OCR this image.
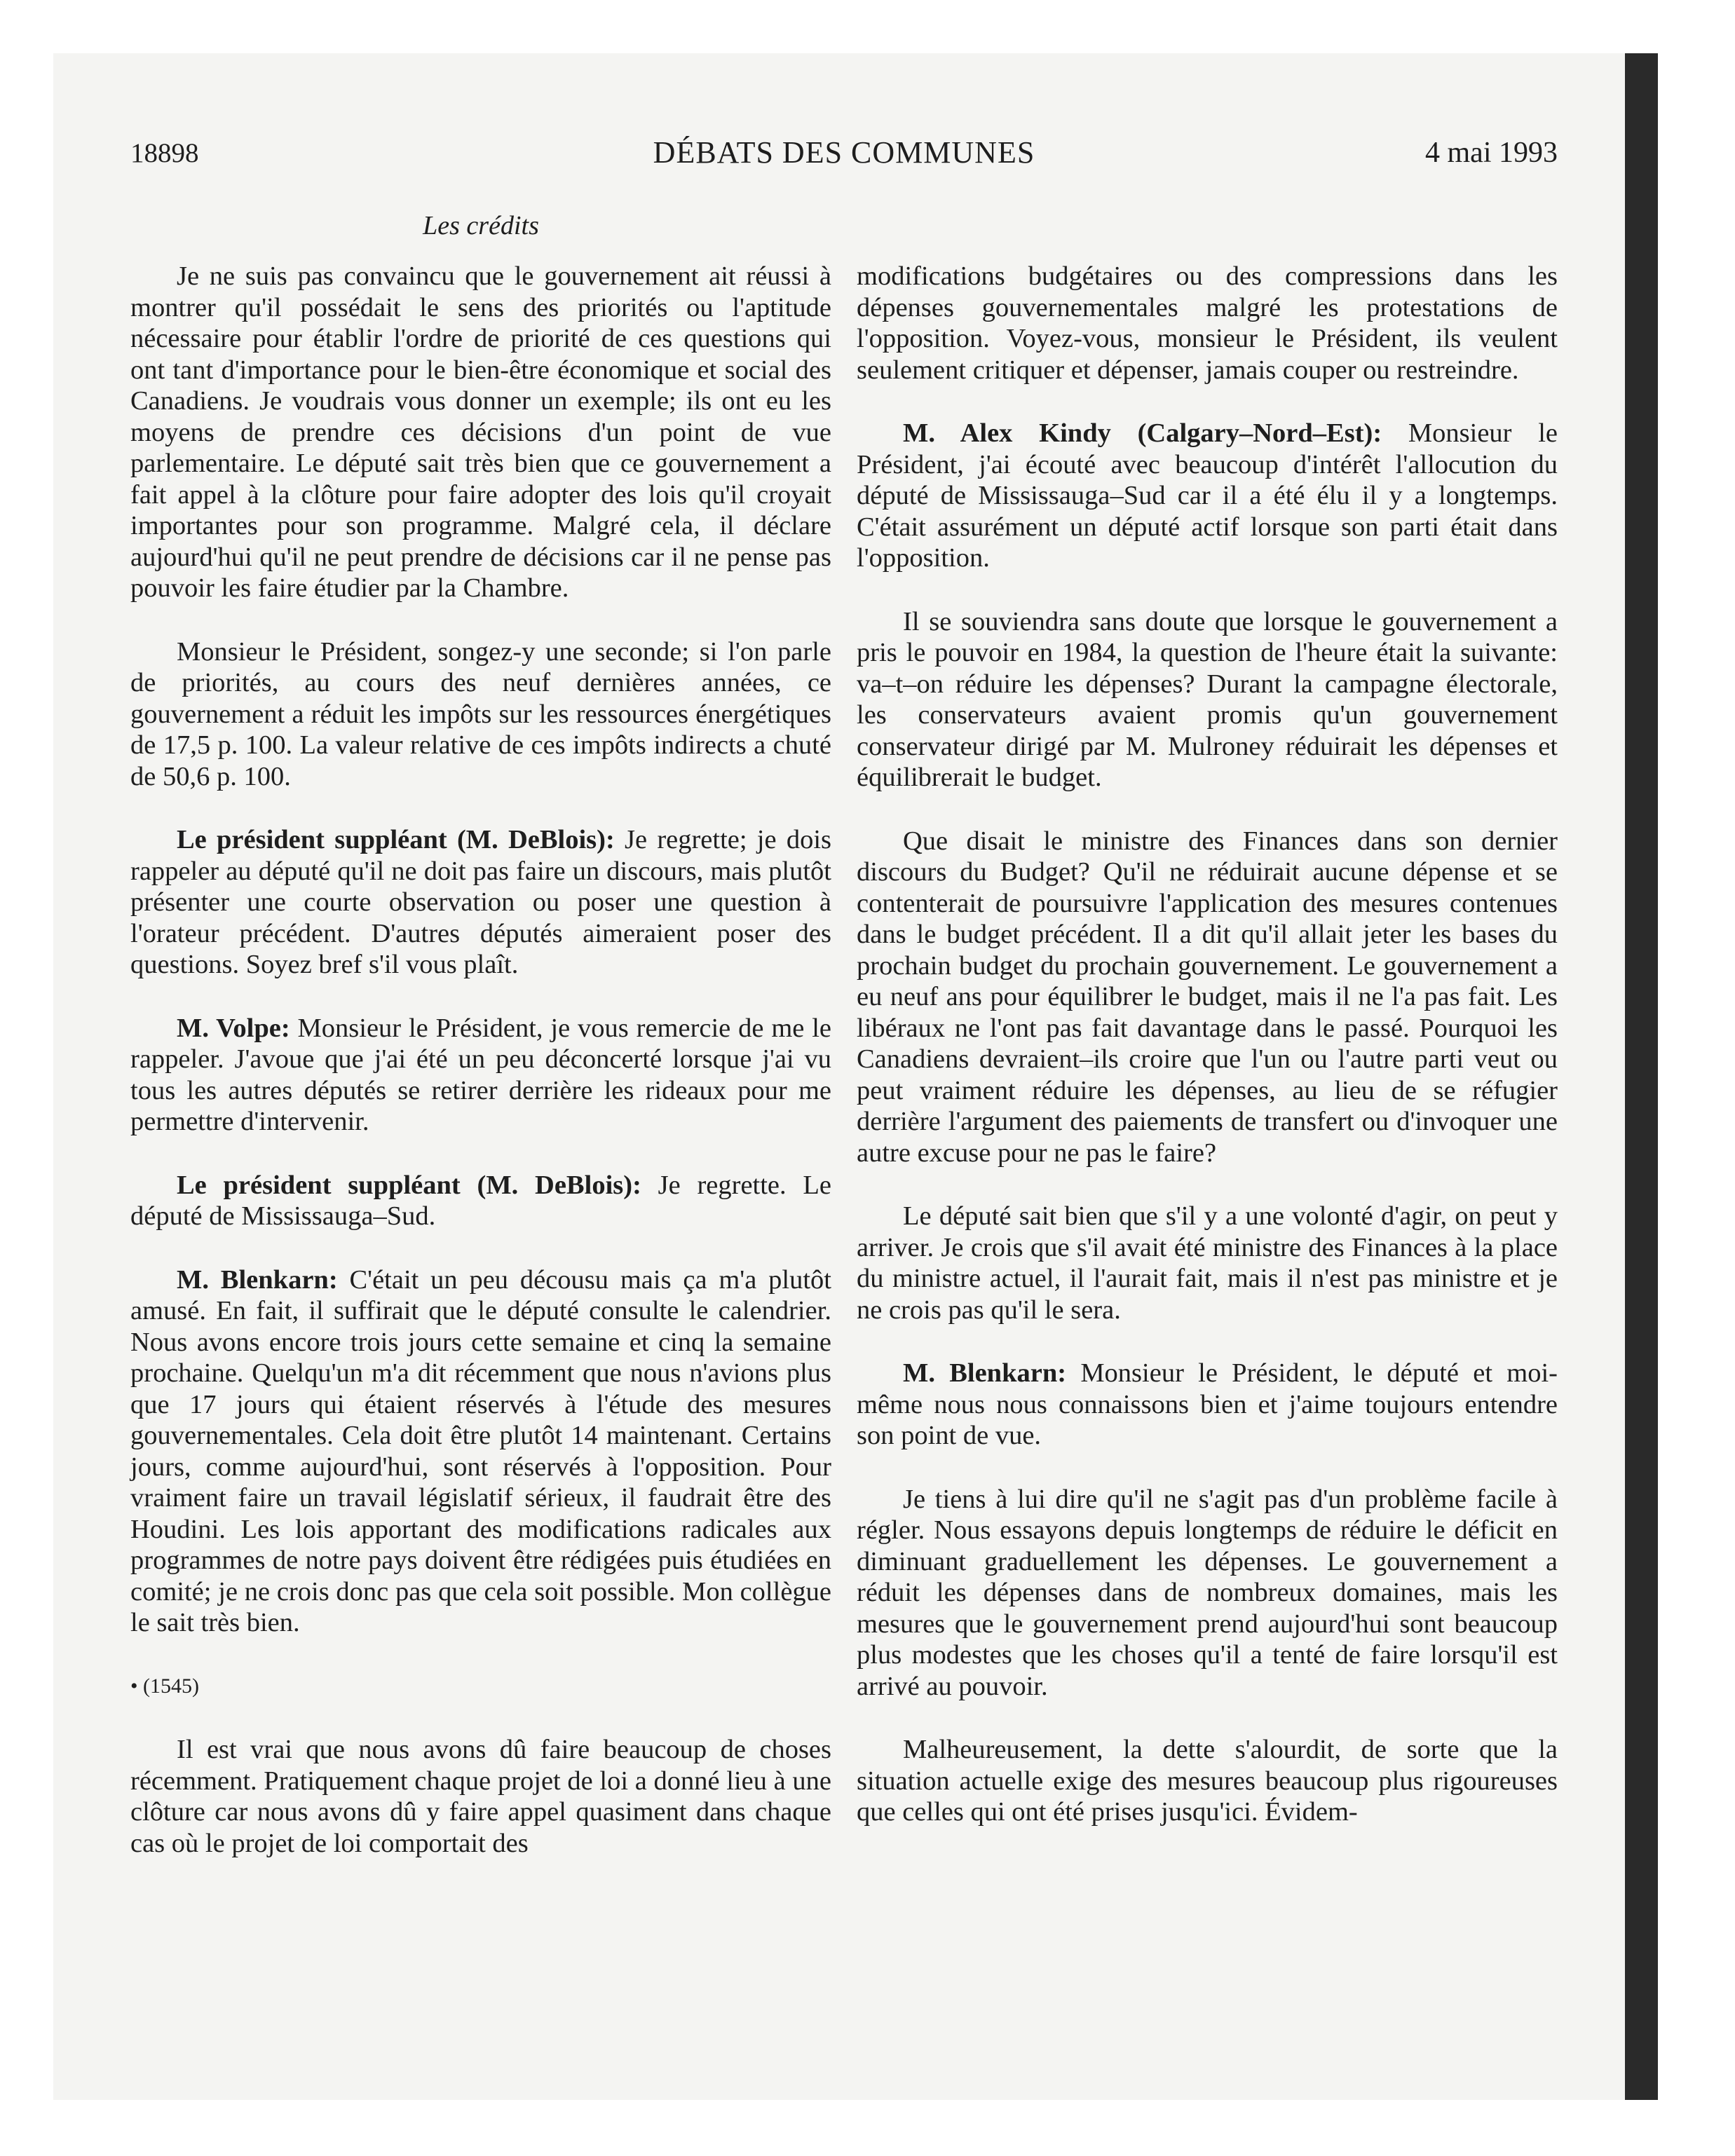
18898	DÉBATS DES COMMUNES	4 mai 1993
Les crédits

Je ne suis pas convaincu que le gouvernement ait réussi à montrer qu'il possédait le sens des priorités ou l'aptitude nécessaire pour établir l'ordre de priorité de ces questions qui ont tant d'importance pour le bien-être économique et social des Canadiens. Je voudrais vous donner un exemple; ils ont eu les moyens de prendre ces décisions d'un point de vue parlementaire. Le député sait très bien que ce gouvernement a fait appel à la clôture pour faire adopter des lois qu'il croyait importantes pour son programme. Malgré cela, il déclare aujourd'hui qu'il ne peut prendre de décisions car il ne pense pas pouvoir les faire étudier par la Chambre.

Monsieur le Président, songez-y une seconde; si l'on parle de priorités, au cours des neuf dernières années, ce gouvernement a réduit les impôts sur les ressources énergétiques de 17,5 p. 100. La valeur relative de ces impôts indirects a chuté de 50,6 p. 100.

Le président suppléant (M. DeBlois): Je regrette; je dois rappeler au député qu'il ne doit pas faire un discours, mais plutôt présenter une courte observation ou poser une question à l'orateur précédent. D'autres députés aimeraient poser des questions. Soyez bref s'il vous plaît.

M. Volpe: Monsieur le Président, je vous remercie de me le rappeler. J'avoue que j'ai été un peu déconcerté lorsque j'ai vu tous les autres députés se retirer derrière les rideaux pour me permettre d'intervenir.

Le président suppléant (M. DeBlois): Je regrette. Le député de Mississauga–Sud.

M. Blenkarn: C'était un peu décousu mais ça m'a plutôt amusé. En fait, il suffirait que le député consulte le calendrier. Nous avons encore trois jours cette semaine et cinq la semaine prochaine. Quelqu'un m'a dit récemment que nous n'avions plus que 17 jours qui étaient réservés à l'étude des mesures gouvernementales. Cela doit être plutôt 14 maintenant. Certains jours, comme aujourd'hui, sont réservés à l'opposition. Pour vraiment faire un travail législatif sérieux, il faudrait être des Houdini. Les lois apportant des modifications radicales aux programmes de notre pays doivent être rédigées puis étudiées en comité; je ne crois donc pas que cela soit possible. Mon collègue le sait très bien.

• (1545)

Il est vrai que nous avons dû faire beaucoup de choses récemment. Pratiquement chaque projet de loi a donné lieu à une clôture car nous avons dû y faire appel quasiment dans chaque cas où le projet de loi comportait des

modifications budgétaires ou des compressions dans les dépenses gouvernementales malgré les protestations de l'opposition. Voyez-vous, monsieur le Président, ils veulent seulement critiquer et dépenser, jamais couper ou restreindre.

M. Alex Kindy (Calgary–Nord–Est): Monsieur le Président, j'ai écouté avec beaucoup d'intérêt l'allocution du député de Mississauga–Sud car il a été élu il y a longtemps. C'était assurément un député actif lorsque son parti était dans l'opposition.

Il se souviendra sans doute que lorsque le gouvernement a pris le pouvoir en 1984, la question de l'heure était la suivante: va–t–on réduire les dépenses? Durant la campagne électorale, les conservateurs avaient promis qu'un gouvernement conservateur dirigé par M. Mulroney réduirait les dépenses et équilibrerait le budget.

Que disait le ministre des Finances dans son dernier discours du Budget? Qu'il ne réduirait aucune dépense et se contenterait de poursuivre l'application des mesures contenues dans le budget précédent. Il a dit qu'il allait jeter les bases du prochain budget du prochain gouvernement. Le gouvernement a eu neuf ans pour équilibrer le budget, mais il ne l'a pas fait. Les libéraux ne l'ont pas fait davantage dans le passé. Pourquoi les Canadiens devraient–ils croire que l'un ou l'autre parti veut ou peut vraiment réduire les dépenses, au lieu de se réfugier derrière l'argument des paiements de transfert ou d'invoquer une autre excuse pour ne pas le faire?

Le député sait bien que s'il y a une volonté d'agir, on peut y arriver. Je crois que s'il avait été ministre des Finances à la place du ministre actuel, il l'aurait fait, mais il n'est pas ministre et je ne crois pas qu'il le sera.

M. Blenkarn: Monsieur le Président, le député et moi-même nous nous connaissons bien et j'aime toujours entendre son point de vue.

Je tiens à lui dire qu'il ne s'agit pas d'un problème facile à régler. Nous essayons depuis longtemps de réduire le déficit en diminuant graduellement les dépenses. Le gouvernement a réduit les dépenses dans de nombreux domaines, mais les mesures que le gouvernement prend aujourd'hui sont beaucoup plus modestes que les choses qu'il a tenté de faire lorsqu'il est arrivé au pouvoir.

Malheureusement, la dette s'alourdit, de sorte que la situation actuelle exige des mesures beaucoup plus rigoureuses que celles qui ont été prises jusqu'ici. Évidem-
